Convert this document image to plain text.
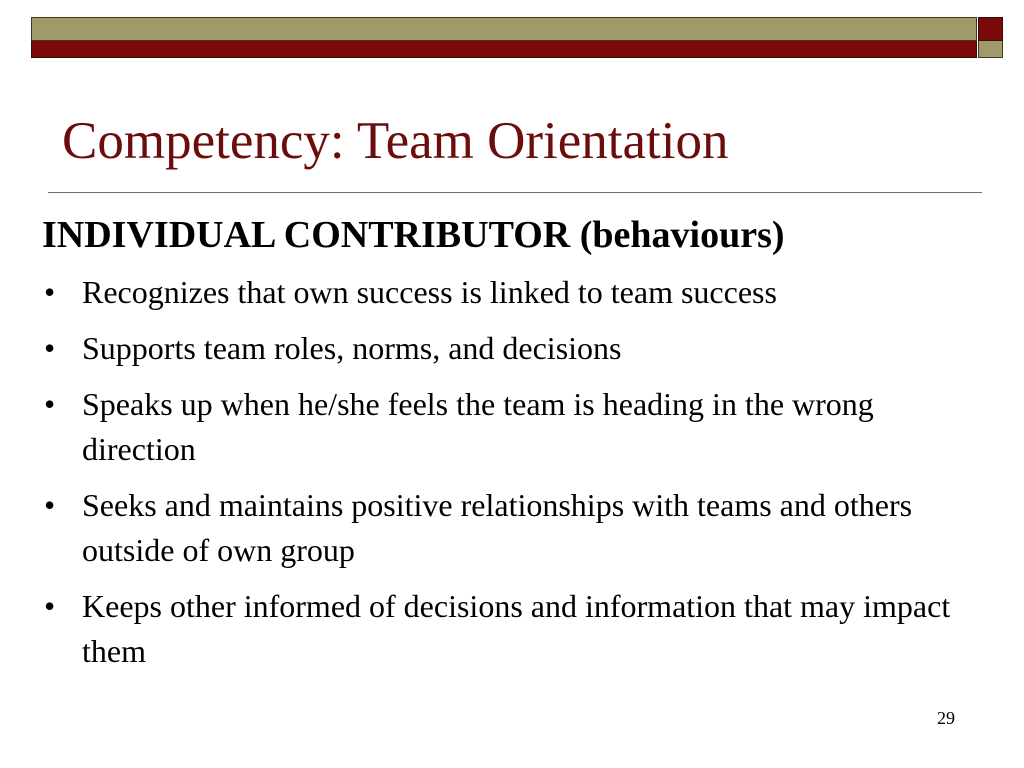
Competency: Team Orientation
INDIVIDUAL CONTRIBUTOR (behaviours)
• Recognizes that own success is linked to team success
• Supports team roles, norms, and decisions
• Speaks up when he/she feels the team is heading in the wrong direction
• Seeks and maintains positive relationships with teams and others outside of own group
• Keeps other informed of decisions and information that may impact them
29
